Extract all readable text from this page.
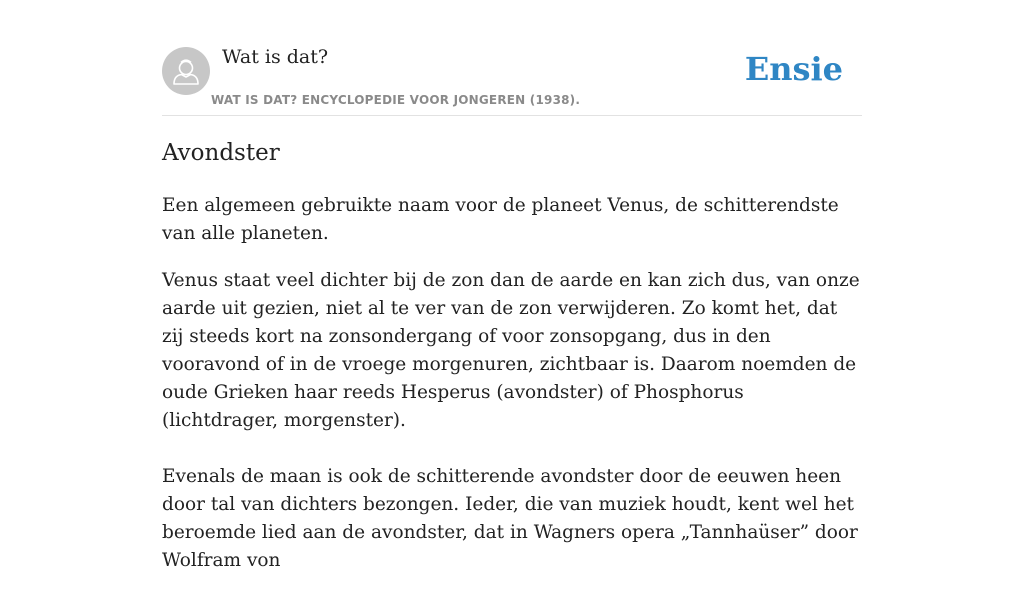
Wat is dat?
WAT IS DAT? ENCYCLOPEDIE VOOR JONGEREN (1938).
Ensie
Avondster

Een algemeen gebruikte naam voor de planeet Venus, de schitterendste van alle planeten.

Venus staat veel dichter bij de zon dan de aarde en kan zich dus, van onze aarde uit gezien, niet al te ver van de zon verwijderen. Zo komt het, dat zij steeds kort na zonsondergang of voor zonsopgang, dus in den vooravond of in de vroege morgenuren, zichtbaar is. Daarom noemden de oude Grieken haar reeds Hesperus (avondster) of Phosphorus (lichtdrager, morgenster).

Evenals de maan is ook de schitterende avondster door de eeuwen heen door tal van dichters bezongen. Ieder, die van muziek houdt, kent wel het beroemde lied aan de avondster, dat in Wagners opera „Tannhaüser” door Wolfram von
